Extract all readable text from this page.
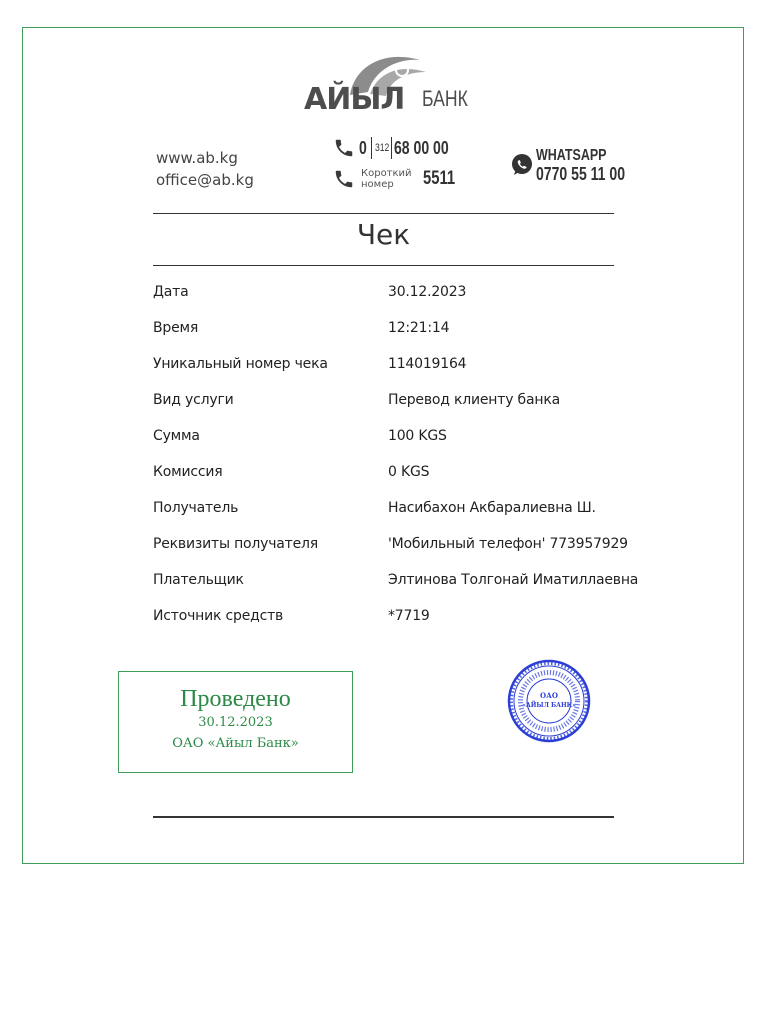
АЙЫЛ БАНК
www.ab.kg
office@ab.kg
0 312 68 00 00
Короткий
номер	5511
WHATSAPP
0770 55 11 00
Чек
Дата	30.12.2023
Время	12:21:14
Уникальный номер чека	114019164
Вид услуги	Перевод клиенту банка
Сумма	100 KGS
Комиссия	0 KGS
Получатель	Насибахон Акбаралиевна Ш.
Реквизиты получателя	'Мобильный телефон' 773957929
Плательщик	Элтинова Толгонай Иматиллаевна
Источник средств	*7719
Проведено
30.12.2023
ОАО «Айыл Банк»
ОАО
«АЙЫЛ БАНК»
